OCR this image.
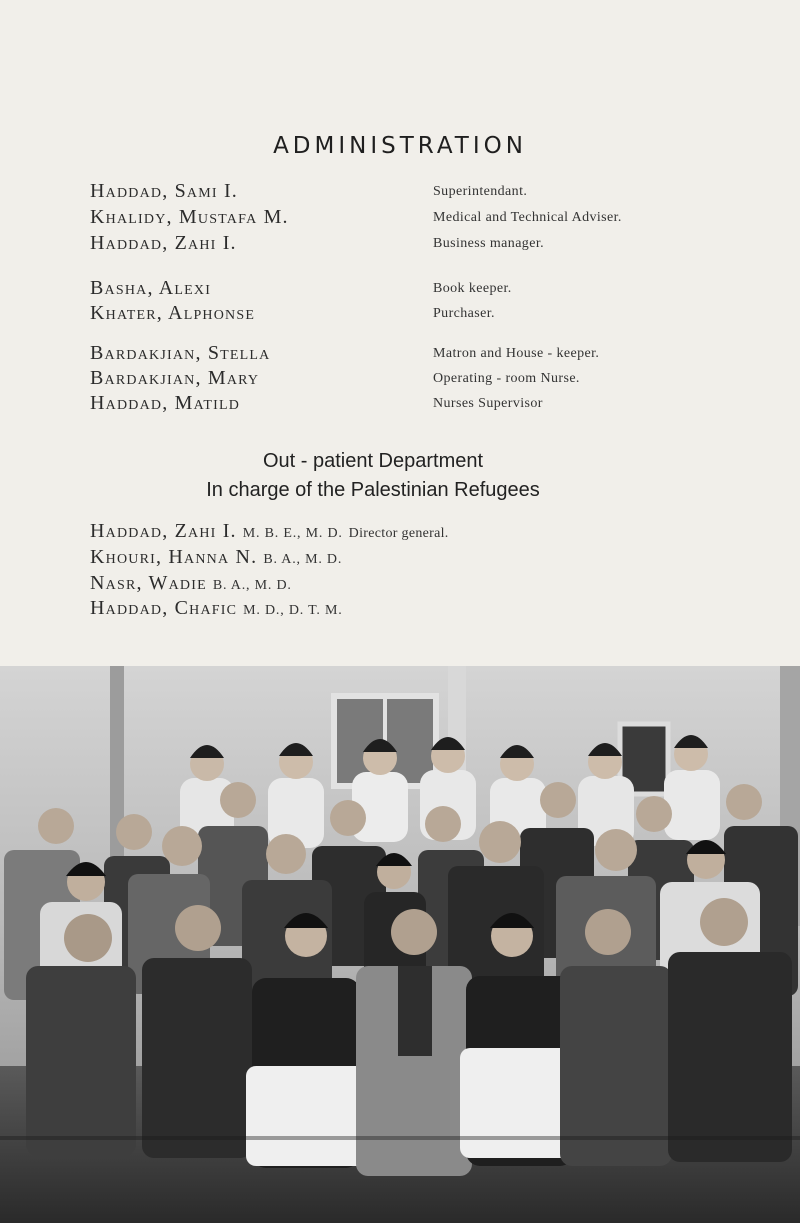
ADMINISTRATION
Haddad, Sami I.	Superintendant.
Khalidy, Mustafa M.	Medical and Technical Adviser.
Haddad, Zahi I.	Business manager.
Basha, Alexi	Book keeper.
Khater, Alphonse	Purchaser.
Bardakjian, Stella	Matron and House - keeper.
Bardakjian, Mary	Operating - room Nurse.
Haddad, Matild	Nurses Supervisor
Out - patient Department
In charge of the Palestinian Refugees
Haddad, Zahi I. M. B. E., M. D. Director general.
Khouri, Hanna N. B. A., M. D.
Nasr, Wadie B. A., M. D.
Haddad, Chafic M. D., D. T. M.
